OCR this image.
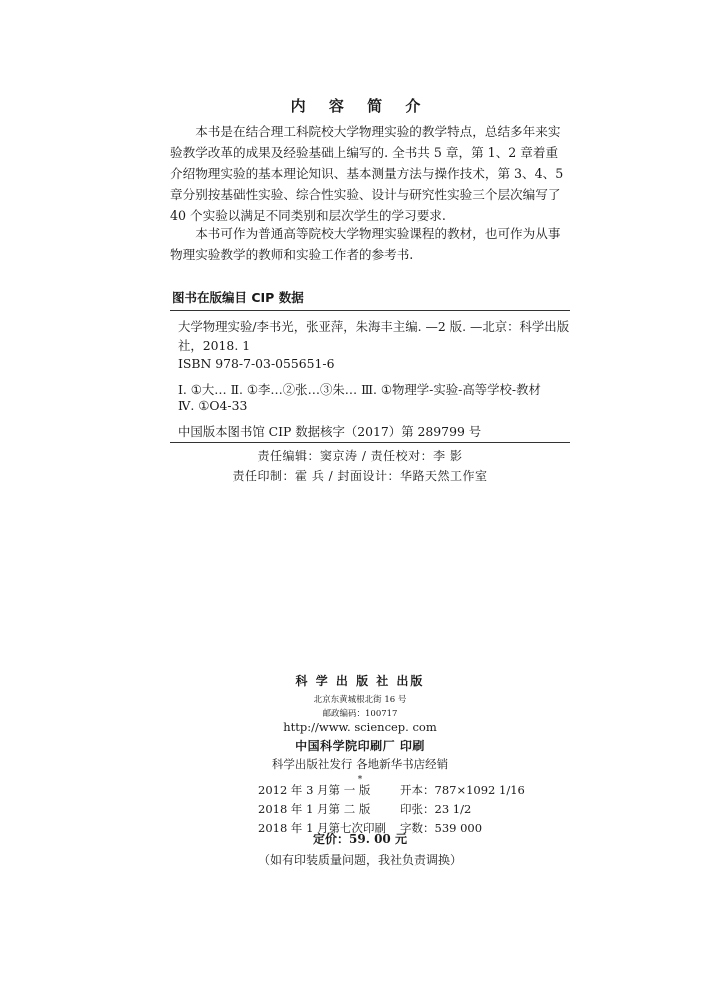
内 容 简 介
本书是在结合理工科院校大学物理实验的教学特点，总结多年来实验教学改革的成果及经验基础上编写的. 全书共 5 章，第 1、2 章着重介绍物理实验的基本理论知识、基本测量方法与操作技术，第 3、4、5 章分别按基础性实验、综合性实验、设计与研究性实验三个层次编写了 40 个实验以满足不同类别和层次学生的学习要求.
本书可作为普通高等院校大学物理实验课程的教材，也可作为从事物理实验教学的教师和实验工作者的参考书.
图书在版编目 CIP 数据
大学物理实验/李书光，张亚萍，朱海丰主编. —2 版. —北京：科学出版
社，2018. 1
ISBN 978-7-03-055651-6
Ⅰ. ①大… Ⅱ. ①李…②张…③朱… Ⅲ. ①物理学-实验-高等学校-教材
Ⅳ. ①O4-33
中国版本图书馆 CIP 数据核字（2017）第 289799 号
责任编辑：窦京涛 / 责任校对：李 影
责任印制：霍 兵 / 封面设计：华路天然工作室
科 学 出 版 社 出版
北京东黄城根北街 16 号
邮政编码：100717
http://www. sciencep. com
中国科学院印刷厂 印刷
科学出版社发行 各地新华书店经销
*
2012 年 3 月第 一 版	开本：787×1092 1/16
2018 年 1 月第 二 版	印张：23 1/2
2018 年 1 月第七次印刷 字数：539 000
定价：59. 00 元
（如有印装质量问题，我社负责调换）
